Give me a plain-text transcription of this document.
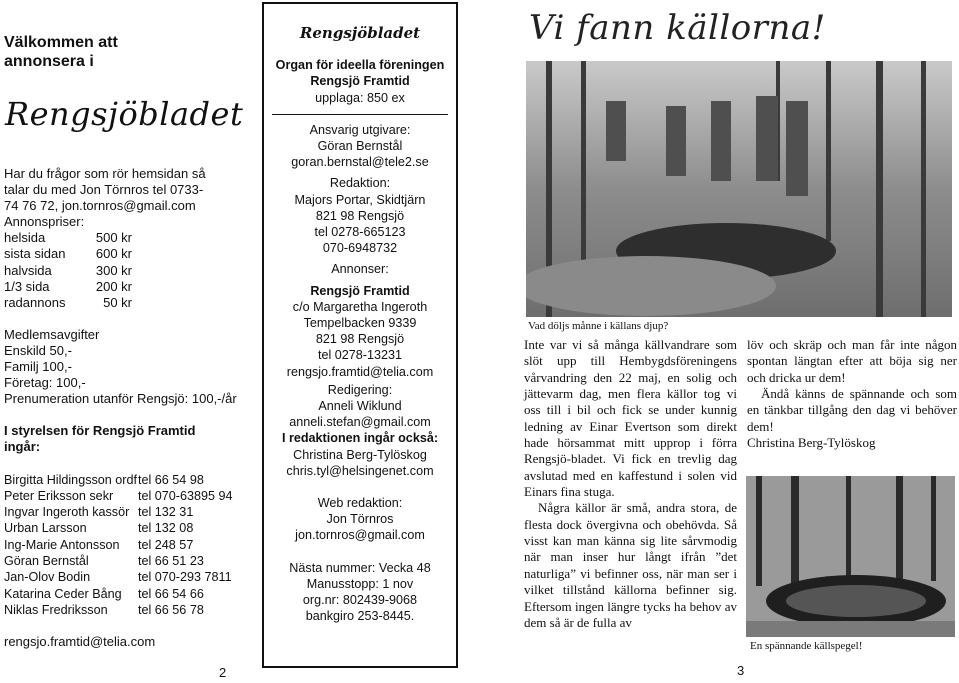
Välkommen att
annonsera i
Rengsjöbladet
Har du frågor som rör hemsidan så
talar du med Jon Törnros tel 0733-
74 76 72, jon.tornros@gmail.com
Annonspriser:
helsida	500 kr
sista sidan	600 kr
halvsida	300 kr
1/3 sida	200 kr
radannons	50 kr
Medlemsavgifter
Enskild 50,-
Familj 100,-
Företag: 100,-
Prenumeration utanför Rengsjö: 100,-/år
I styrelsen för Rengsjö Framtid
ingår:
Birgitta Hildingsson ordf tel 66 54 98
Peter Eriksson sekr	tel 070-63895 94
Ingvar Ingeroth kassör tel 132 31
Urban Larsson	tel 132 08
Ing-Marie Antonsson	tel 248 57
Göran Bernstål	tel 66 51 23
Jan-Olov Bodin	tel 070-293 7811
Katarina Ceder Bång	tel 66 54 66
Niklas Fredriksson	tel 66 56 78
rengsjo.framtid@telia.com
2
Rengsjöbladet
Organ för ideella föreningen
Rengsjö Framtid
upplaga: 850 ex
Ansvarig utgivare:
Göran Bernstål
goran.bernstal@tele2.se
Redaktion:
Majors Portar, Skidtjärn
821 98 Rengsjö
tel 0278-665123
070-6948732
Annonser:
Rengsjö Framtid
c/o Margaretha Ingeroth
Tempelbacken 9339
821 98 Rengsjö
tel 0278-13231
rengsjo.framtid@telia.com
Redigering:
Anneli Wiklund
anneli.stefan@gmail.com
I redaktionen ingår också:
Christina Berg-Tylöskog
chris.tyl@helsingenet.com
Web redaktion:
Jon Törnros
jon.tornros@gmail.com
Nästa nummer: Vecka 48
Manusstopp: 1 nov
org.nr: 802439-9068
bankgiro 253-8445.
Vi fann källorna!
Vad döljs månne i källans djup?

Inte var vi så många källvandrare som slöt upp till Hembygdsföreningens vårvandring den 22 maj, en solig och jättevarm dag, men flera källor tog vi oss till i bil och fick se under kunnig ledning av Einar Evertson som direkt hade hörsammat mitt upprop i förra Rengsjö-bladet. Vi fick en trevlig dag avslutad med en kaffestund i solen vid Einars fina stuga.

Några källor är små, andra stora, de flesta dock övergivna och obehövda. Så visst kan man känna sig lite sårvmodig när man inser hur långt ifrån ”det naturliga” vi befinner oss, när man ser i vilket tillstånd källorna befinner sig. Eftersom ingen längre tycks ha behov av dem så är de fulla av

löv och skräp och man får inte någon spontan längtan efter att böja sig ner och dricka ur dem!

Ändå känns de spännande och som en tänkbar tillgång den dag vi behöver dem!

Christina Berg-Tylöskog

En spännande källspegel!
3
